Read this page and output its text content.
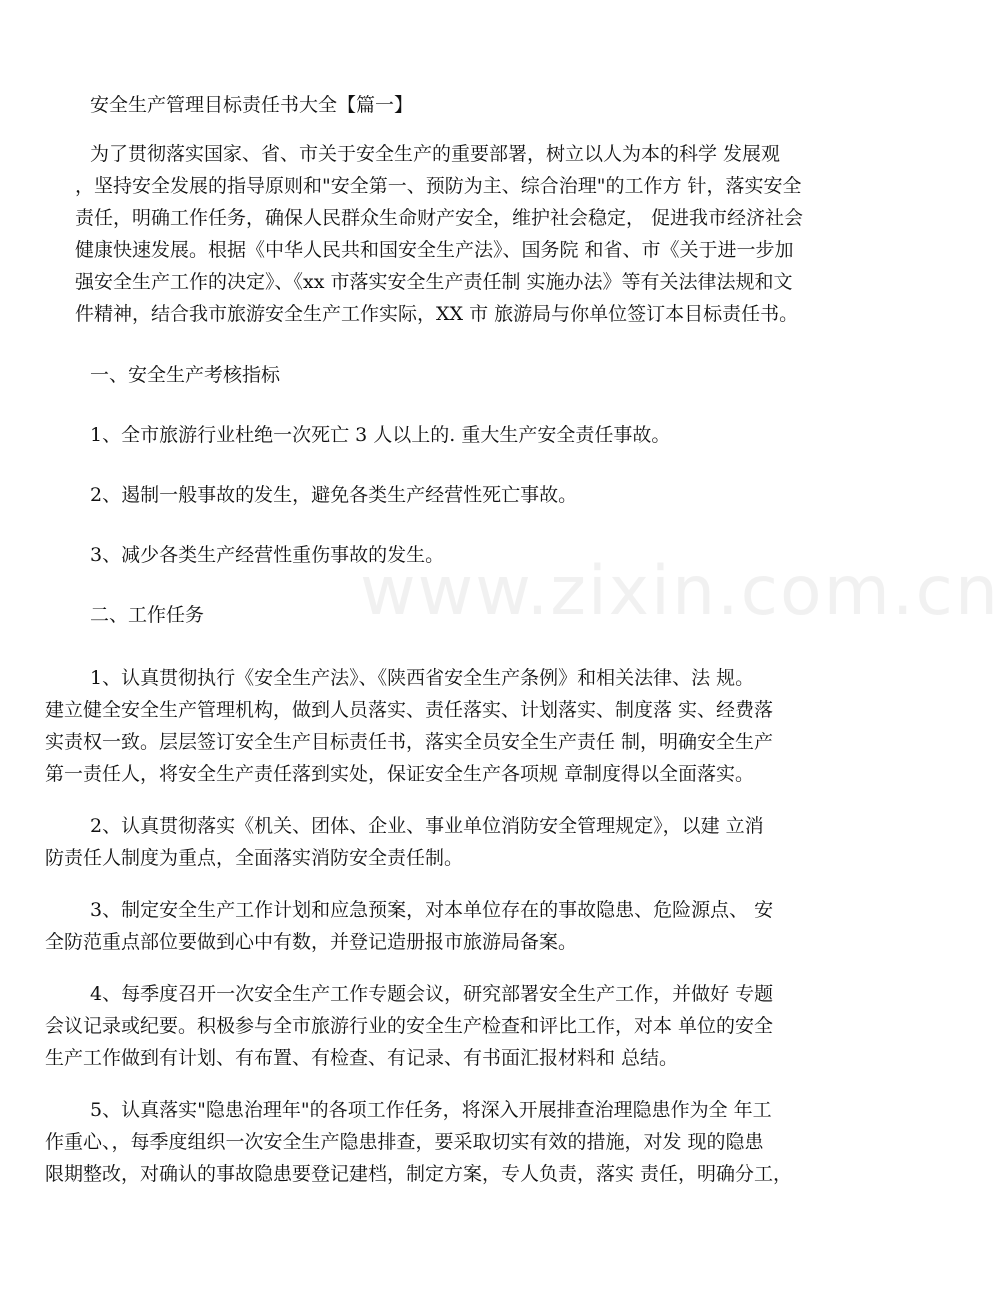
www.zixin.com.cn
安全生产管理目标责任书大全【篇一】
为了贯彻落实国家、省、市关于安全生产的重要部署，树立以人为本的科学 发展观
，坚持安全发展的指导原则和"安全第一、预防为主、综合治理"的工作方 针，落实安全
责任，明确工作任务，确保人民群众生命财产安全，维护社会稳定， 促进我市经济社会
健康快速发展。根据《中华人民共和国安全生产法》、国务院 和省、市《关于进一步加
强安全生产工作的决定》、《xx 市落实安全生产责任制 实施办法》等有关法律法规和文
件精神，结合我市旅游安全生产工作实际，XX 市 旅游局与你单位签订本目标责任书。
一、安全生产考核指标
1、全市旅游行业杜绝一次死亡 3 人以上的. 重大生产安全责任事故。
2、遏制一般事故的发生，避免各类生产经营性死亡事故。
3、减少各类生产经营性重伤事故的发生。
二、工作任务
1、认真贯彻执行《安全生产法》、《陕西省安全生产条例》和相关法律、法 规。
建立健全安全生产管理机构，做到人员落实、责任落实、计划落实、制度落 实、经费落
实责权一致。层层签订安全生产目标责任书，落实全员安全生产责任 制，明确安全生产
第一责任人，将安全生产责任落到实处，保证安全生产各项规 章制度得以全面落实。
2、认真贯彻落实《机关、团体、企业、事业单位消防安全管理规定》，以建 立消
防责任人制度为重点，全面落实消防安全责任制。
3、制定安全生产工作计划和应急预案，对本单位存在的事故隐患、危险源点、 安
全防范重点部位要做到心中有数，并登记造册报市旅游局备案。
4、每季度召开一次安全生产工作专题会议，研究部署安全生产工作，并做好 专题
会议记录或纪要。积极参与全市旅游行业的安全生产检查和评比工作，对本 单位的安全
生产工作做到有计划、有布置、有检查、有记录、有书面汇报材料和 总结。
5、认真落实"隐患治理年"的各项工作任务，将深入开展排查治理隐患作为全 年工
作重心、，每季度组织一次安全生产隐患排查，要采取切实有效的措施，对发 现的隐患
限期整改，对确认的事故隐患要登记建档，制定方案，专人负责，落实 责任，明确分工，
